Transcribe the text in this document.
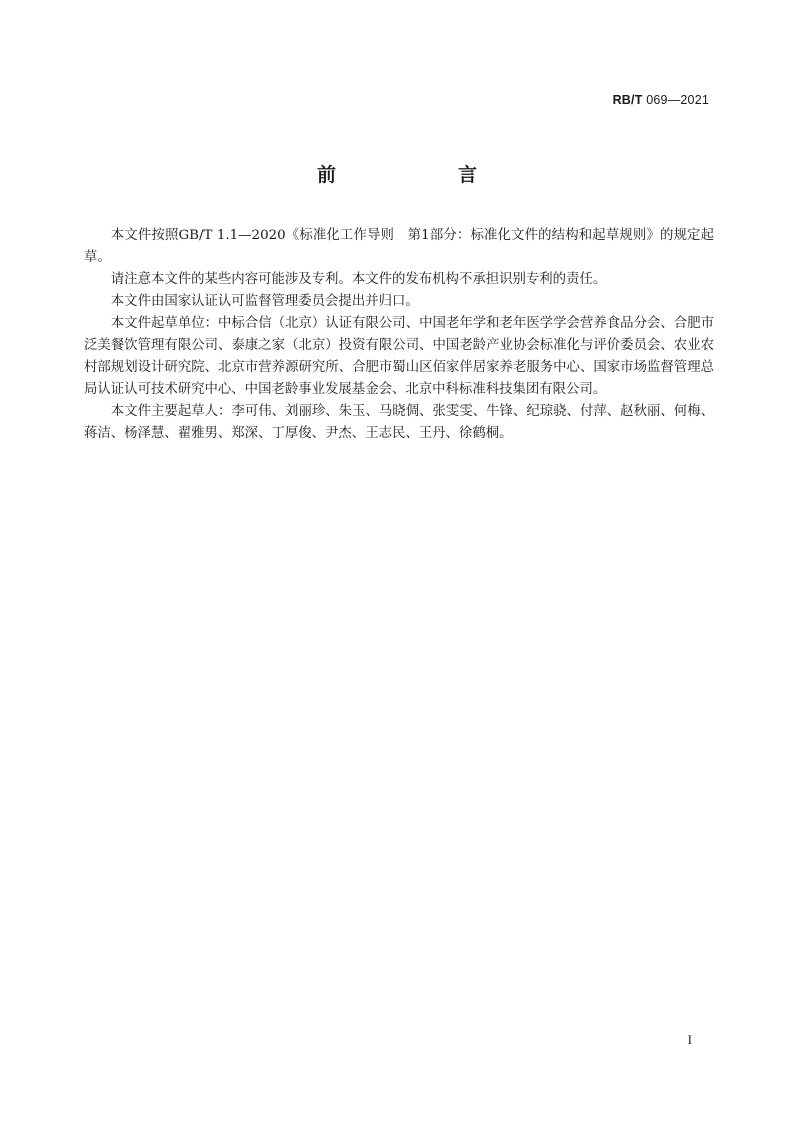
RB/T 069—2021
前　　言

本文件按照GB/T 1.1—2020《标准化工作导则　第1部分：标准化文件的结构和起草规则》的规定起草。

请注意本文件的某些内容可能涉及专利。本文件的发布机构不承担识别专利的责任。

本文件由国家认证认可监督管理委员会提出并归口。

本文件起草单位：中标合信（北京）认证有限公司、中国老年学和老年医学学会营养食品分会、合肥市泛美餐饮管理有限公司、泰康之家（北京）投资有限公司、中国老龄产业协会标准化与评价委员会、农业农村部规划设计研究院、北京市营养源研究所、合肥市蜀山区佰家伴居家养老服务中心、国家市场监督管理总局认证认可技术研究中心、中国老龄事业发展基金会、北京中科标准科技集团有限公司。

本文件主要起草人：李可伟、刘丽珍、朱玉、马晓倜、张雯雯、牛锋、纪琼骁、付萍、赵秋丽、何梅、蒋洁、杨泽慧、翟雅男、郑深、丁厚俊、尹杰、王志民、王丹、徐鹤桐。

I
